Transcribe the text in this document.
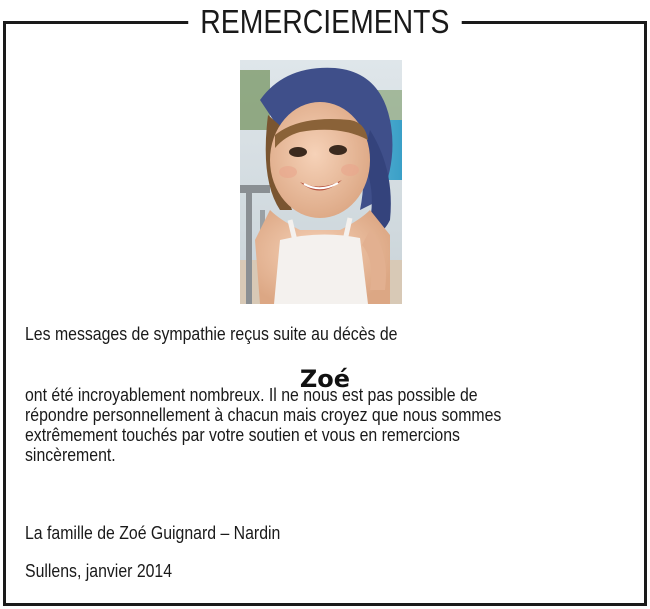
REMERCIEMENTS
Les messages de sympathie reçus suite au décès de
Zoé
ont été incroyablement nombreux. Il ne nous est pas possible de
répondre personnellement à chacun mais croyez que nous sommes
extrêmement touchés par votre soutien et vous en remercions
sincèrement.
La famille de Zoé Guignard – Nardin
Sullens, janvier 2014
